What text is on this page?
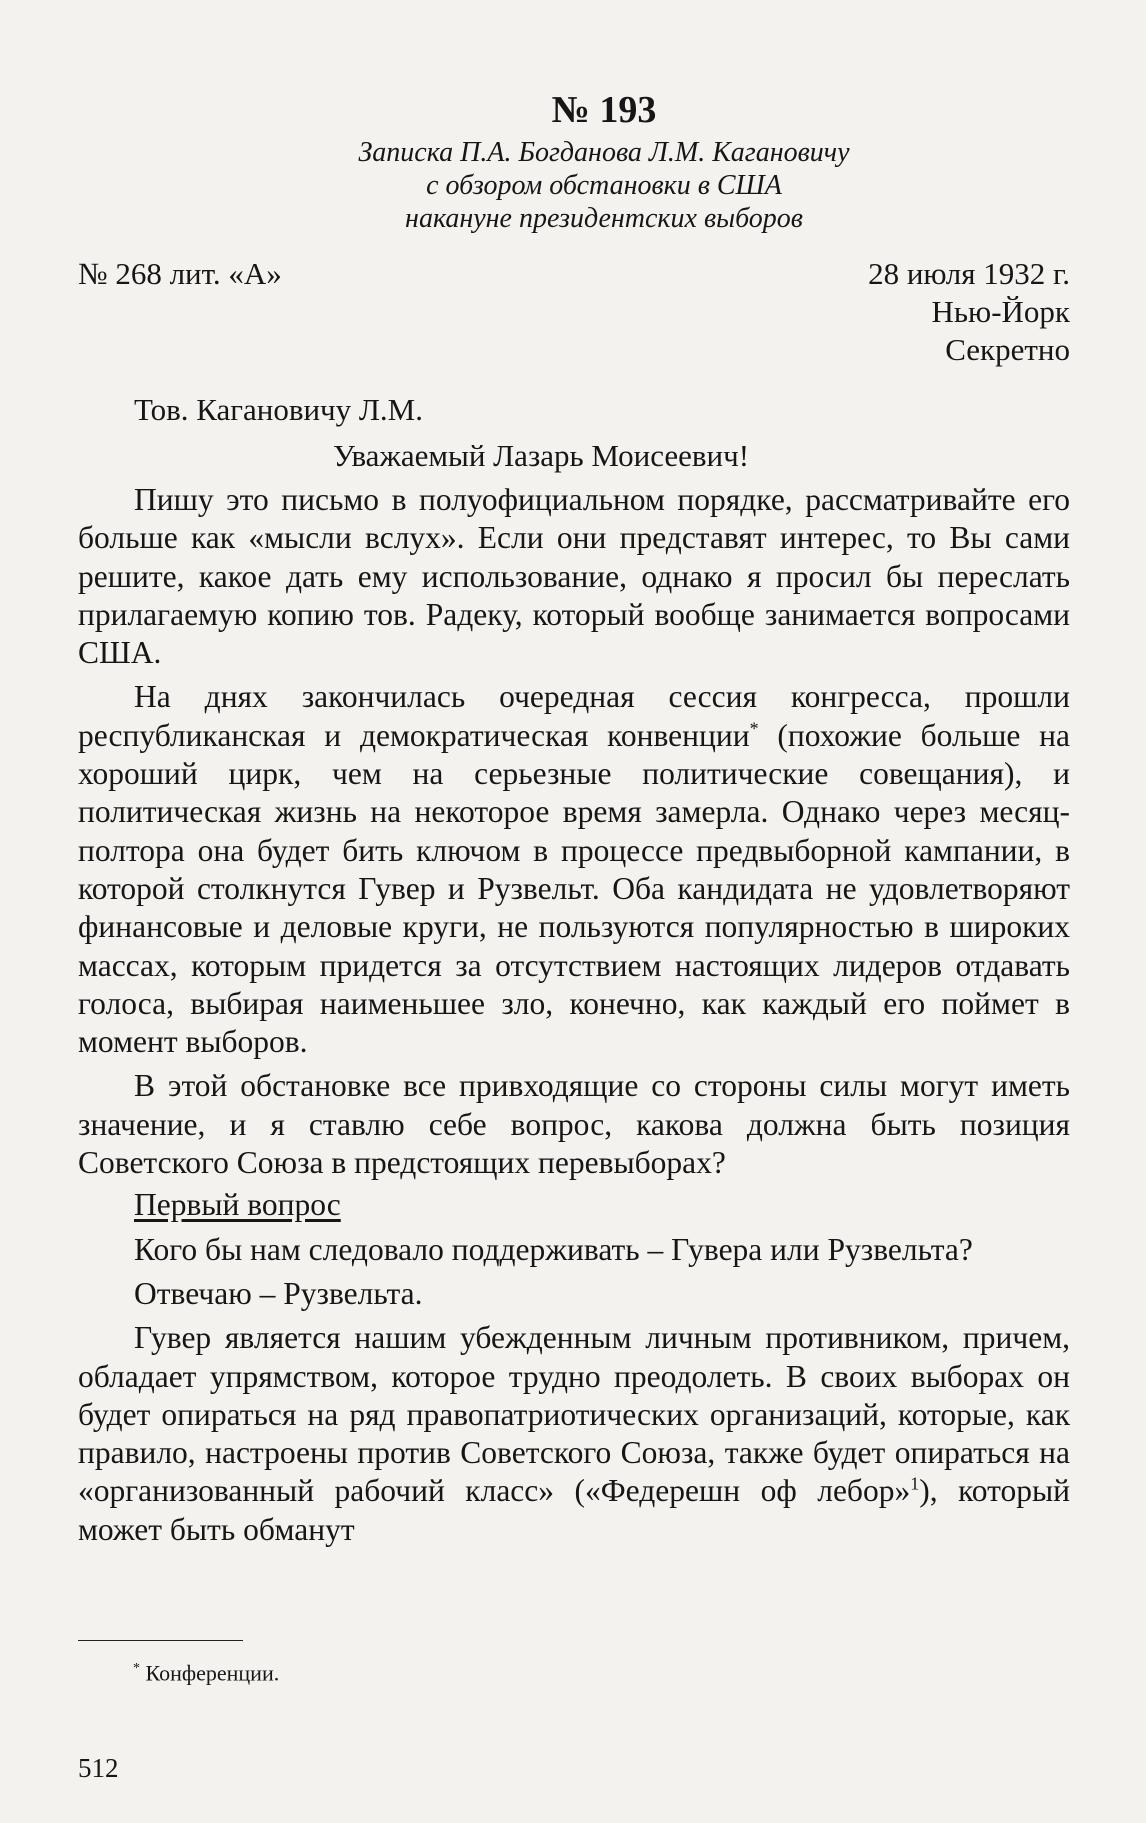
№ 193
Записка П.А. Богданова Л.М. Кагановичу
с обзором обстановки в США
накануне президентских выборов
№ 268 лит. «А»	28 июля 1932 г.
Нью-Йорк
Секретно
Тов. Кагановичу Л.М.
Уважаемый Лазарь Моисеевич!

Пишу это письмо в полуофициальном порядке, рассматривайте его больше как «мысли вслух». Если они представят интерес, то Вы сами решите, какое дать ему использование, однако я просил бы переслать прилагаемую копию тов. Радеку, который вообще занимается вопросами США.

На днях закончилась очередная сессия конгресса, прошли республиканская и демократическая конвенции* (похожие больше на хороший цирк, чем на серьезные политические совещания), и политическая жизнь на некоторое время замерла. Однако через месяц-полтора она будет бить ключом в процессе предвыборной кампании, в которой столкнутся Гувер и Рузвельт. Оба кандидата не удовлетворяют финансовые и деловые круги, не пользуются популярностью в широких массах, которым придется за отсутствием настоящих лидеров отдавать голоса, выбирая наименьшее зло, конечно, как каждый его поймет в момент выборов.

В этой обстановке все привходящие со стороны силы могут иметь значение, и я ставлю себе вопрос, какова должна быть позиция Советского Союза в предстоящих перевыборах?

Первый вопрос

Кого бы нам следовало поддерживать – Гувера или Рузвельта?

Отвечаю – Рузвельта.

Гувер является нашим убежденным личным противником, причем, обладает упрямством, которое трудно преодолеть. В своих выборах он будет опираться на ряд правопатриотических организаций, которые, как правило, настроены против Советского Союза, также будет опираться на «организованный рабочий класс» («Федерешн оф лебор»$^1$), который может быть обманут

* Конференции.
512
